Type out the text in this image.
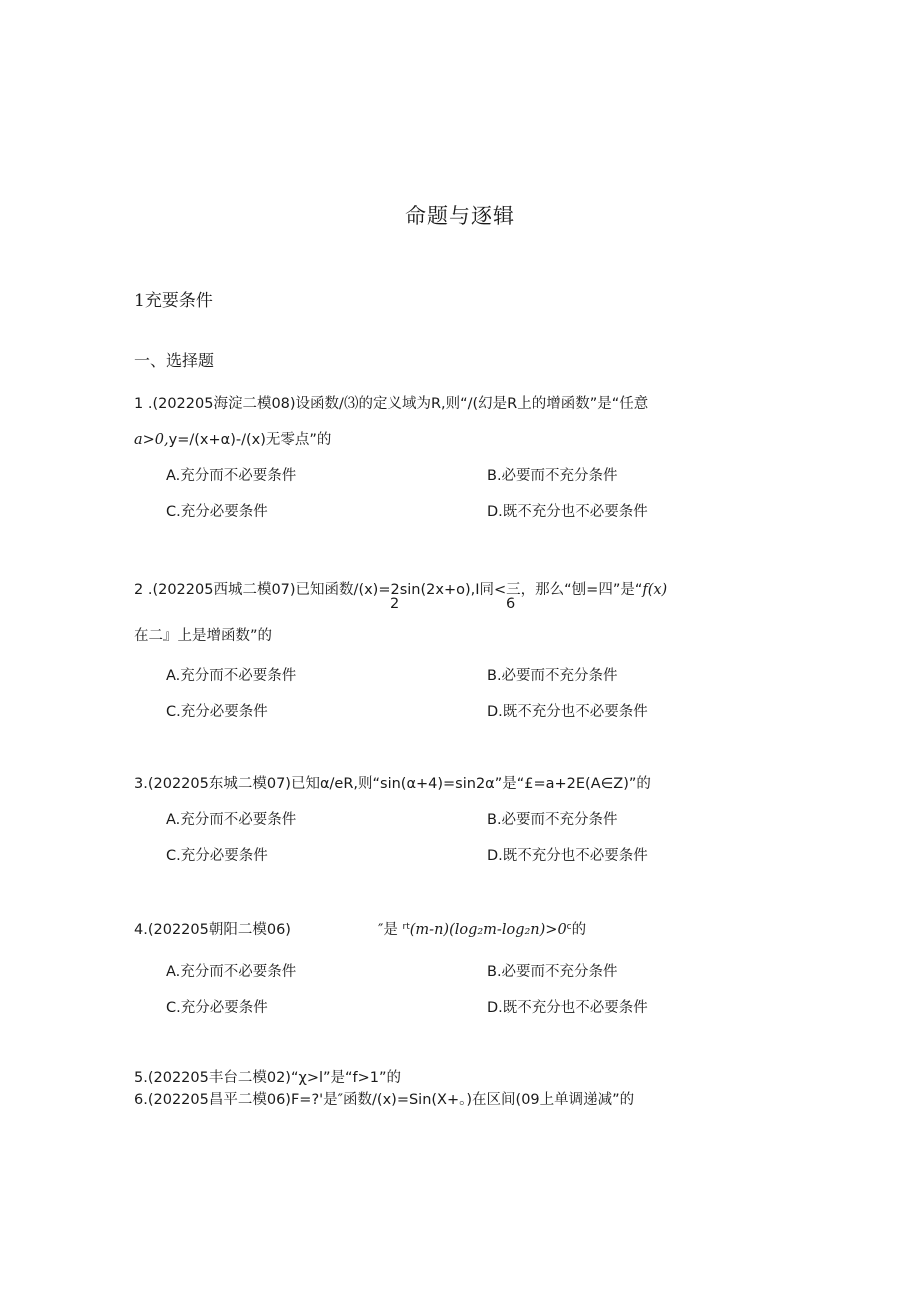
命题与逐辑
1充要条件
一、选择题
1 .(202205海淀二模08)设函数/⑶的定义域为R,则“/(幻是R上的增函数”是“任意
a>0,y=/(x+α)-/(x)无零点”的
A.充分而不必要条件	B.必要而不充分条件
C.充分必要条件	D.既不充分也不必要条件
2 .(202205西城二模07)已知函数/(x)=2sin(2x+o),I同<三，那么“刨=四”是“f(x)
2	6
在二』上是增函数”的
A.充分而不必要条件	B.必要而不充分条件
C.充分必要条件	D.既不充分也不必要条件
3.(202205东城二模07)已知α∕eR,则“sin(α+4)=sin2α”是“£=a+2E(A∈Z)”的
A.充分而不必要条件	B.必要而不充分条件
C.充分必要条件	D.既不充分也不必要条件
4.(202205朝阳二模06)	″是 $^{rt}(m-n)(\log_2m-\log_2n)>0^c$的
A.充分而不必要条件	B.必要而不充分条件
C.充分必要条件	D.既不充分也不必要条件
5.(202205丰台二模02)“χ>l”是“f>1”的
6.(202205昌平二模06)F=?'是″函数/(x)=Sin(X+。)在区间(09上单调递减”的
